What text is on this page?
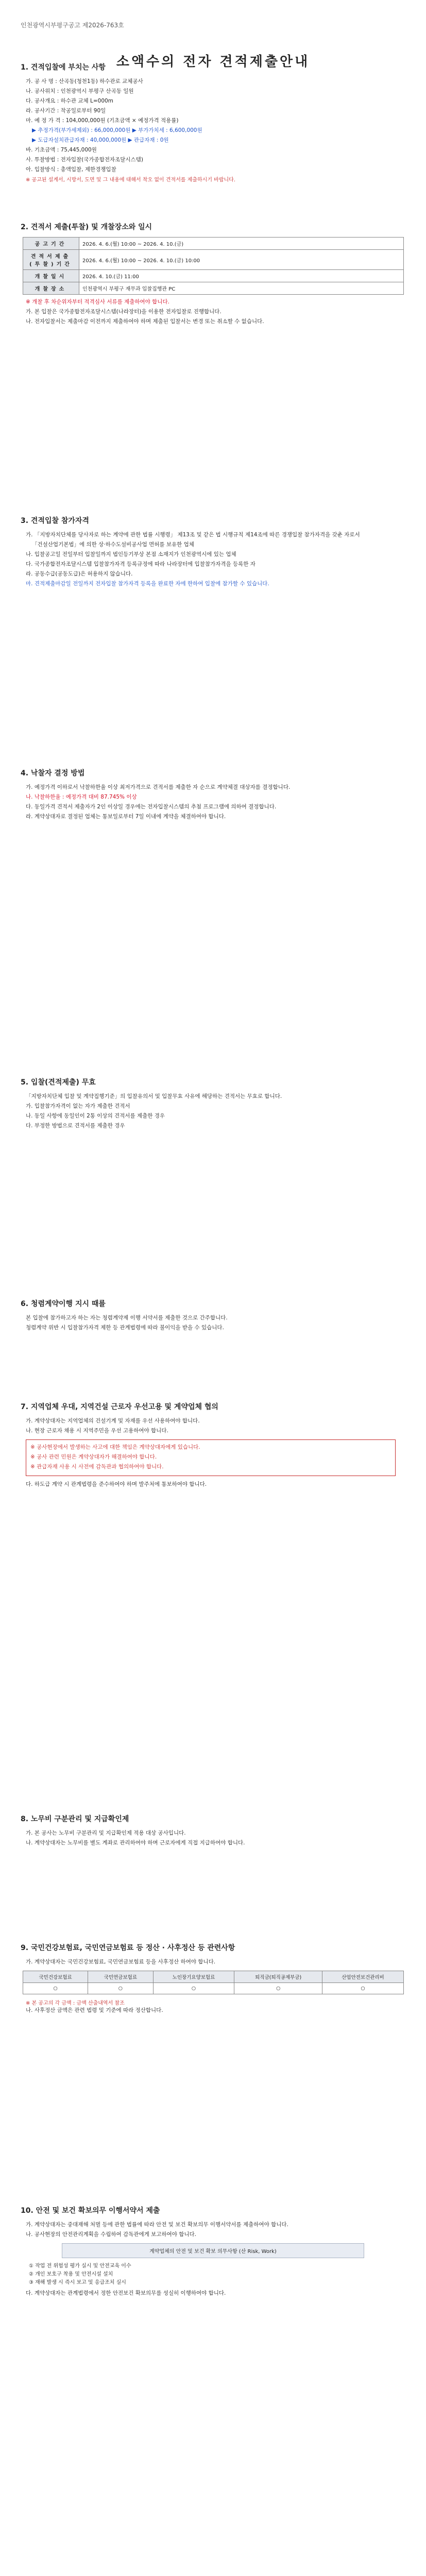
인천광역시부평구공고 제2026-763호
소액수의 전자 견적제출안내
1. 견적입찰에 부치는 사항
가. 공 사 명 : 산곡동(청천1동) 하수관로 교체공사
나. 공사위치 : 인천광역시 부평구 산곡동 일원
다. 공사개요 : 하수관 교체 L=000m
라. 공사기간 : 착공일로부터 90일
마. 예 정 가 격 : 104,000,000원 (기초금액 × 예정가격 적용률)
▶ 추정가격(부가세제외) : 66,000,000원 ▶ 부가가치세 : 6,600,000원
▶ 도급자설치관급자재 : 40,000,000원 ▶ 관급자재 : 0원
바. 기초금액 : 75,445,000원
사. 투찰방법 : 전자입찰(국가종합전자조달시스템)
아. 입찰방식 : 총액입찰, 제한경쟁입찰
※ 공고된 설계서, 시방서, 도면 및 그 내용에 대해서 착오 없이 견적서를 제출하시기 바랍니다.
2. 견적서 제출(투찰) 및 개찰장소와 일시
공고기간	2026. 4. 6.(월) 10:00 ~ 2026. 4. 10.(금)
견적서제출(투찰)기간	2026. 4. 6.(월) 10:00 ~ 2026. 4. 10.(금) 10:00
개찰일시	2026. 4. 10.(금) 11:00
개찰장소	인천광역시 부평구 재무과 입찰집행관 PC
※ 개찰 후 차순위자부터 적격심사 서류를 제출하여야 합니다.
가. 본 입찰은 국가종합전자조달시스템(나라장터)을 이용한 전자입찰로 진행합니다.
나. 전자입찰서는 제출마감 이전까지 제출하여야 하며 제출된 입찰서는 변경 또는 취소할 수 없습니다.
3. 견적입찰 참가자격
가. 「지방자치단체를 당사자로 하는 계약에 관한 법률 시행령」 제13조 및 같은 법 시행규칙 제14조에 따른 경쟁입찰 참가자격을 갖춘 자로서
「건설산업기본법」에 의한 상·하수도설비공사업 면허를 보유한 업체
나. 입찰공고일 전일부터 입찰일까지 법인등기부상 본점 소재지가 인천광역시에 있는 업체
다. 국가종합전자조달시스템 입찰참가자격 등록규정에 따라 나라장터에 입찰참가자격을 등록한 자
라. 공동수급(공동도급)은 허용하지 않습니다.
마. 견적제출마감일 전일까지 전자입찰 참가자격 등록을 완료한 자에 한하여 입찰에 참가할 수 있습니다.
4. 낙찰자 결정 방법
가. 예정가격 이하로서 낙찰하한율 이상 최저가격으로 견적서를 제출한 자 순으로 계약체결 대상자를 결정합니다.
나. 낙찰하한율 : 예정가격 대비 87.745% 이상
다. 동일가격 견적서 제출자가 2인 이상일 경우에는 전자입찰시스템의 추첨 프로그램에 의하여 결정합니다.
라. 계약상대자로 결정된 업체는 통보일로부터 7일 이내에 계약을 체결하여야 합니다.
5. 입찰(견적제출) 무효
「지방자치단체 입찰 및 계약집행기준」의 입찰유의서 및 입찰무효 사유에 해당하는 견적서는 무효로 합니다.
가. 입찰참가자격이 없는 자가 제출한 견적서
나. 동일 사항에 동일인이 2통 이상의 견적서를 제출한 경우
다. 부정한 방법으로 견적서를 제출한 경우
6. 청렴계약이행 지시 때를
본 입찰에 참가하고자 하는 자는 청렴계약제 이행 서약서를 제출한 것으로 간주합니다.
청렴계약 위반 시 입찰참가자격 제한 등 관계법령에 따라 불이익을 받을 수 있습니다.
7. 지역업체 우대, 지역건설 근로자 우선고용 및 계약업체 협의
가. 계약상대자는 지역업체의 건설기계 및 자재를 우선 사용하여야 합니다.
나. 현장 근로자 채용 시 지역주민을 우선 고용하여야 합니다.
※ 공사현장에서 발생하는 사고에 대한 책임은 계약상대자에게 있습니다.
※ 공사 관련 민원은 계약상대자가 해결하여야 합니다.
※ 관급자재 사용 시 사전에 감독관과 협의하여야 합니다.
다. 하도급 계약 시 관계법령을 준수하여야 하며 발주처에 통보하여야 합니다.
8. 노무비 구분관리 및 지급확인제
가. 본 공사는 노무비 구분관리 및 지급확인제 적용 대상 공사입니다.
나. 계약상대자는 노무비를 별도 계좌로 관리하여야 하며 근로자에게 직접 지급하여야 합니다.
9. 국민건강보험료, 국민연금보험료 등 정산 · 사후정산 등 관련사항
가. 계약상대자는 국민건강보험료, 국민연금보험료 등을 사후정산 하여야 합니다.
국민건강보험료	국민연금보험료	노인장기요양보험료	퇴직금(퇴직공제부금)	산업안전보건관리비
○	○	○	○	○
※ 본 공고의 각 금액 : 금액 산출내역서 참조
나. 사후정산 금액은 관련 법령 및 기준에 따라 정산합니다.
10. 안전 및 보건 확보의무 이행서약서 제출
가. 계약상대자는 중대재해 처벌 등에 관한 법률에 따라 안전 및 보건 확보의무 이행서약서를 제출하여야 합니다.
나. 공사현장의 안전관리계획을 수립하여 감독관에게 보고하여야 합니다.
계약업체의 안전 및 보건 확보 의무사항 (산 Risk, Work)
① 작업 전 위험성 평가 실시 및 안전교육 이수
② 개인 보호구 착용 및 안전시설 설치
③ 재해 발생 시 즉시 보고 및 응급조치 실시
다. 계약상대자는 관계법령에서 정한 안전보건 확보의무를 성실히 이행하여야 합니다.
